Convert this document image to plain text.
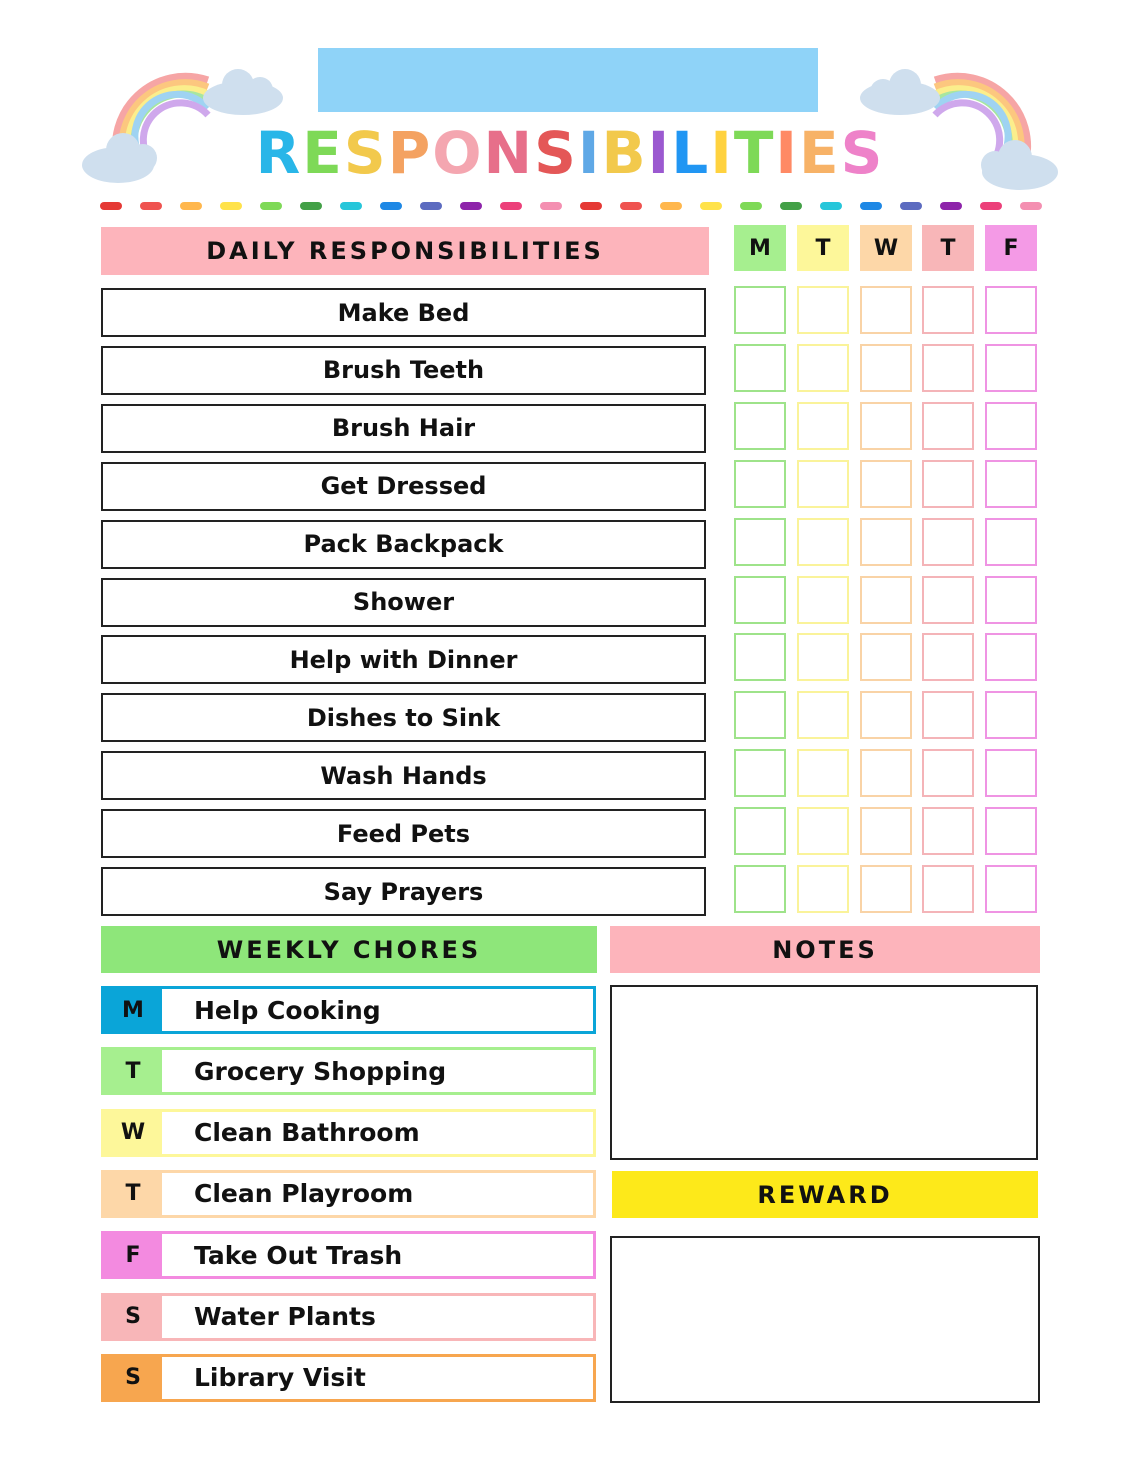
RESPONSIBILITIES
DAILY RESPONSIBILITIES	M	T	W	T	F
Make Bed
Brush Teeth
Brush Hair
Get Dressed
Pack Backpack
Shower
Help with Dinner
Dishes to Sink
Wash Hands
Feed Pets
Say Prayers
WEEKLY CHORES
M	Help Cooking
T	Grocery Shopping
W	Clean Bathroom
T	Clean Playroom
F	Take Out Trash
S	Water Plants
S	Library Visit
NOTES
REWARD
